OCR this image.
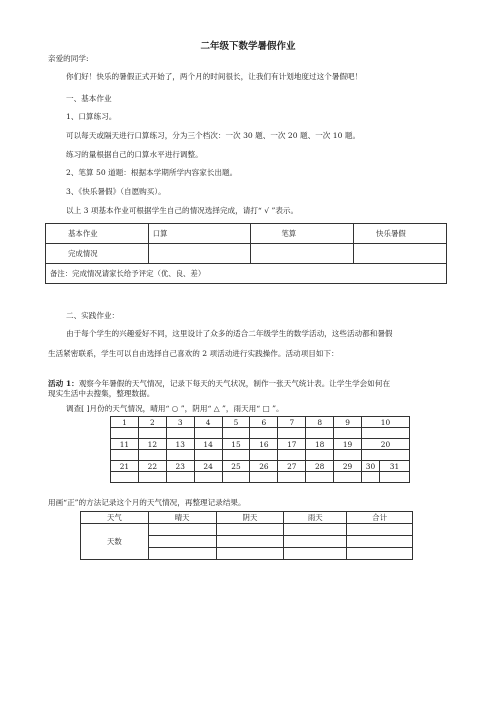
二年级下数学暑假作业
亲爱的同学:
你们好！快乐的暑假正式开始了，两个月的时间很长，让我们有计划地度过这个暑假吧！
一、基本作业
1、口算练习。
可以每天或隔天进行口算练习，分为三个档次：一次 30 题、一次 20 题、一次 10 题。
练习的量根据自己的口算水平进行调整。
2、笔算 50 道题：根据本学期所学内容家长出题。
3、《快乐暑假》（自愿购买）。
以上 3 项基本作业可根据学生自己的情况选择完成，请打“ √ ”表示。
基本作业	口算	笔算	快乐暑假
完成情况			
备注：完成情况请家长给予评定（优、良、差）			
二、实践作业：
由于每个学生的兴趣爱好不同，这里设计了众多的适合二年级学生的数学活动，这些活动都和暑假
生活紧密联系，学生可以自由选择自己喜欢的 2 项活动进行实践操作。活动项目如下：
活动 1：观察今年暑假的天气情况，记录下每天的天气状况，制作一张天气统计表。让学生学会如何在
现实生活中去搜集，整理数据。
调查[ ]月份的天气情况，晴用“ ○ ”，阴用“ △ ”，雨天用“ □ ”。
1	2	3	4	5	6	7	8	9	10	

11	12	13	14	15	16	17	18	19	20	

21	22	23	24	25	26	27	28	29	30	31

用画“正”的方法记录这个月的天气情况，再整理记录结果。
天气	晴天	阴天	雨天	合计
天数				
